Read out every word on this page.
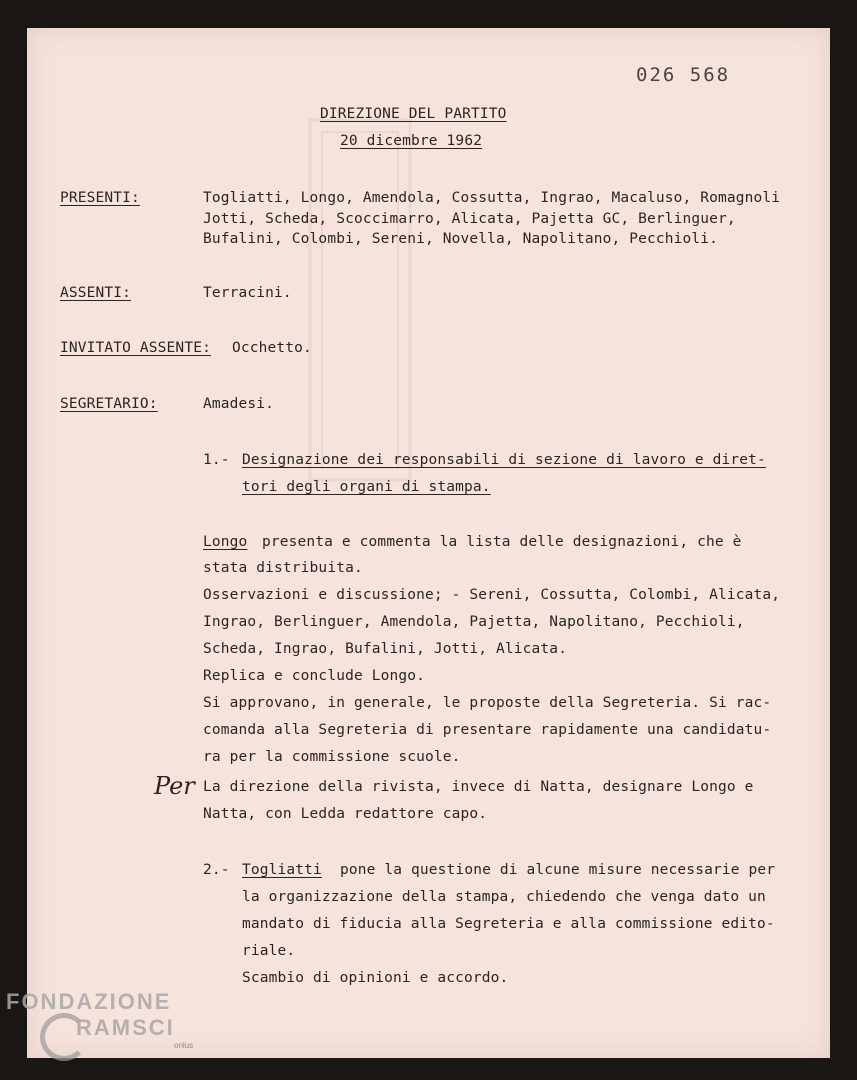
026 568
DIREZIONE DEL PARTITO
20 dicembre 1962
PRESENTI:	Togliatti, Longo, Amendola, Cossutta, Ingrao, Macaluso, Romagnoli
Jotti, Scheda, Scoccimarro, Alicata, Pajetta GC, Berlinguer,
Bufalini, Colombi, Sereni, Novella, Napolitano, Pecchioli.
ASSENTI:	Terracini.
INVITATO ASSENTE: Occhetto.
SEGRETARIO:	Amadesi.
1.- Designazione dei responsabili di sezione di lavoro e diret-
tori degli organi di stampa.
Longo presenta e commenta la lista delle designazioni, che è
stata distribuita.
Osservazioni e discussione; - Sereni, Cossutta, Colombi, Alicata,
Ingrao, Berlinguer, Amendola, Pajetta, Napolitano, Pecchioli,
Scheda, Ingrao, Bufalini, Jotti, Alicata.
Replica e conclude Longo.
Si approvano, in generale, le proposte della Segreteria. Si rac-
comanda alla Segreteria di presentare rapidamente una candidatu-
ra per la commissione scuole.
Per La direzione della rivista, invece di Natta, designare Longo e
Natta, con Ledda redattore capo.
2.- Togliatti pone la questione di alcune misure necessarie per
la organizzazione della stampa, chiedendo che venga dato un
mandato di fiducia alla Segreteria e alla commissione edito-
riale.
Scambio di opinioni e accordo.
FONDAZIONE
RAMSCI
onlus
